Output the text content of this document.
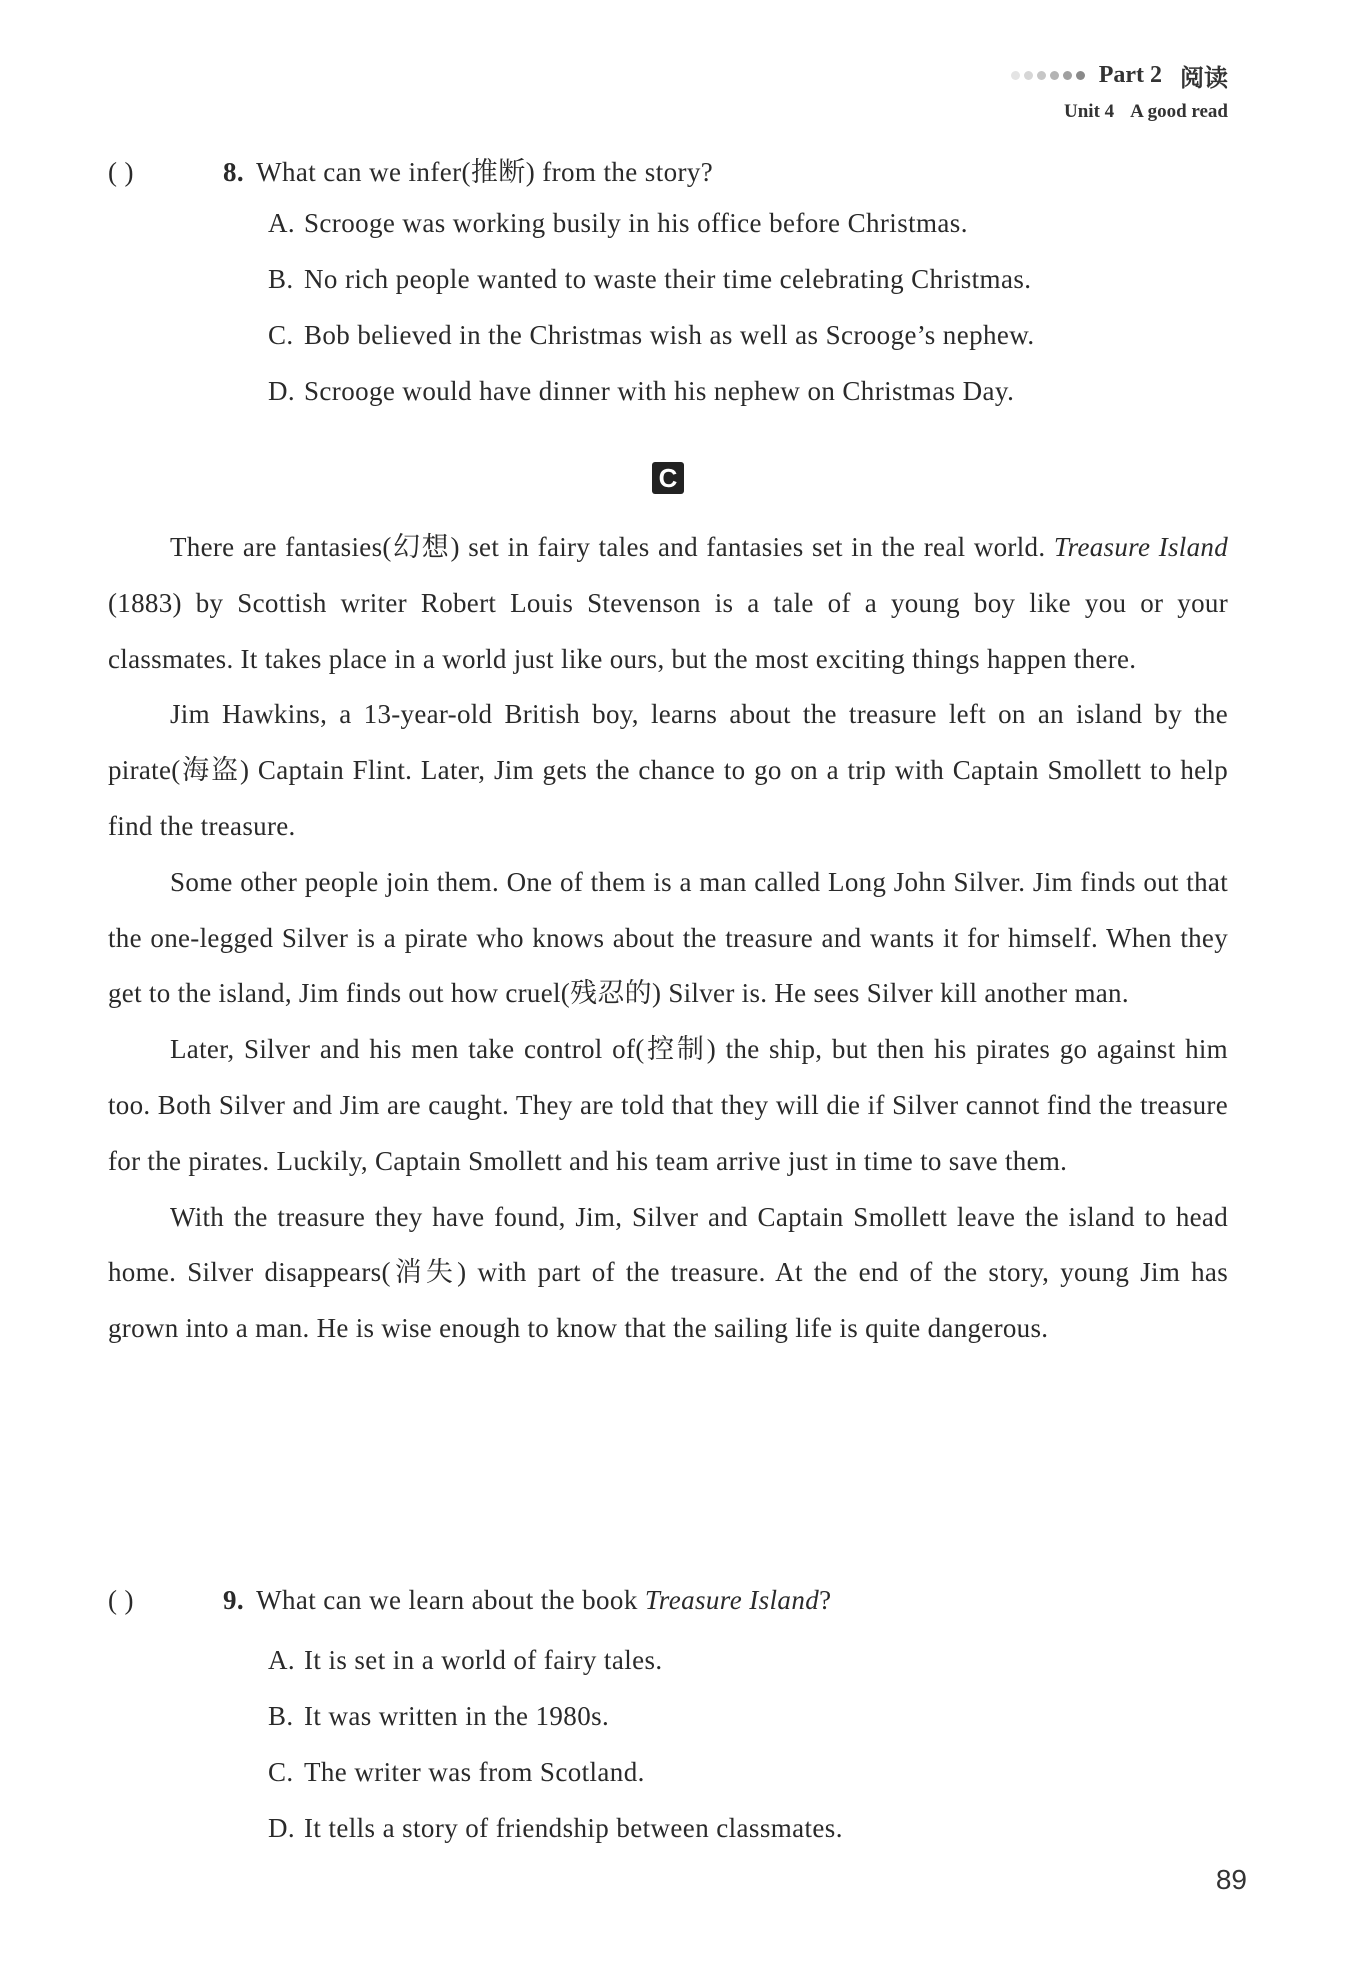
Part 2 阅读
Unit 4 A good read
( )	8. What can we infer(推断) from the story?
A. Scrooge was working busily in his office before Christmas.
B. No rich people wanted to waste their time celebrating Christmas.
C. Bob believed in the Christmas wish as well as Scrooge’s nephew.
D. Scrooge would have dinner with his nephew on Christmas Day.
C

There are fantasies(幻想) set in fairy tales and fantasies set in the real world. Treasure Island (1883) by Scottish writer Robert Louis Stevenson is a tale of a young boy like you or your classmates. It takes place in a world just like ours, but the most exciting things happen there.

Jim Hawkins, a 13-year-old British boy, learns about the treasure left on an island by the pirate(海盗) Captain Flint. Later, Jim gets the chance to go on a trip with Captain Smollett to help find the treasure.

Some other people join them. One of them is a man called Long John Silver. Jim finds out that the one-legged Silver is a pirate who knows about the treasure and wants it for himself. When they get to the island, Jim finds out how cruel(残忍的) Silver is. He sees Silver kill another man.

Later, Silver and his men take control of(控制) the ship, but then his pirates go against him too. Both Silver and Jim are caught. They are told that they will die if Silver cannot find the treasure for the pirates. Luckily, Captain Smollett and his team arrive just in time to save them.

With the treasure they have found, Jim, Silver and Captain Smollett leave the island to head home. Silver disappears(消失) with part of the treasure. At the end of the story, young Jim has grown into a man. He is wise enough to know that the sailing life is quite dangerous.

( )	9. What can we learn about the book Treasure Island?
A. It is set in a world of fairy tales.
B. It was written in the 1980s.
C. The writer was from Scotland.
D. It tells a story of friendship between classmates.
89
